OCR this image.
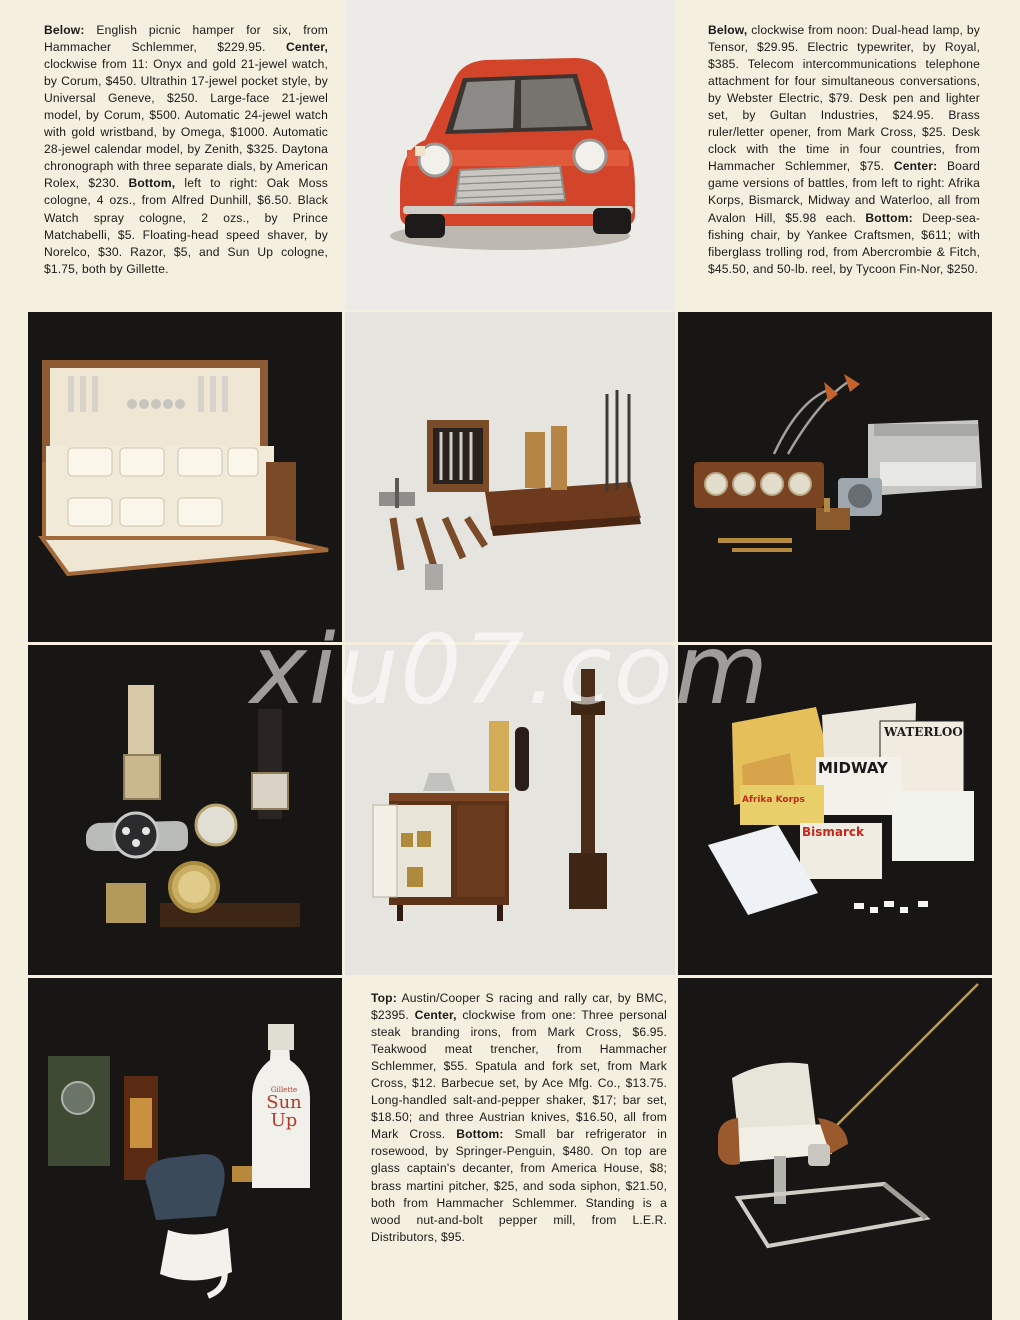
Below: English picnic hamper for six, from Hammacher Schlemmer, $229.95. Center, clockwise from 11: Onyx and gold 21-jewel watch, by Corum, $450. Ultrathin 17-jewel pocket style, by Universal Geneve, $250. Large-face 21-jewel model, by Corum, $500. Automatic 24-jewel watch with gold wristband, by Omega, $1000. Automatic 28-jewel calendar model, by Zenith, $325. Daytona chronograph with three separate dials, by American Rolex, $230. Bottom, left to right: Oak Moss cologne, 4 ozs., from Alfred Dunhill, $6.50. Black Watch spray cologne, 2 ozs., by Prince Matchabelli, $5. Floating-head speed shaver, by Norelco, $30. Razor, $5, and Sun Up cologne, $1.75, both by Gillette.

Below, clockwise from noon: Dual-head lamp, by Tensor, $29.95. Electric typewriter, by Royal, $385. Telecom intercommunications telephone attachment for four simultaneous conversations, by Webster Electric, $79. Desk pen and lighter set, by Gultan Industries, $24.95. Brass ruler/letter opener, from Mark Cross, $25. Desk clock with the time in four countries, from Hammacher Schlemmer, $75. Center: Board game versions of battles, from left to right: Afrika Korps, Bismarck, Midway and Waterloo, all from Avalon Hill, $5.98 each. Bottom: Deep-sea-fishing chair, by Yankee Craftsmen, $611; with fiberglass trolling rod, from Abercrombie & Fitch, $45.50, and 50-lb. reel, by Tycoon Fin-Nor, $250.

WATERLOO
MIDWAY
Afrika Korps
Bismarck
Gillette
Sun
Up

Top: Austin/Cooper S racing and rally car, by BMC, $2395. Center, clockwise from one: Three personal steak branding irons, from Mark Cross, $6.95. Teakwood meat trencher, from Hammacher Schlemmer, $55. Spatula and fork set, from Mark Cross, $12. Barbecue set, by Ace Mfg. Co., $13.75. Long-handled salt-and-pepper shaker, $17; bar set, $18.50; and three Austrian knives, $16.50, all from Mark Cross. Bottom: Small bar refrigerator in rosewood, by Springer-Penguin, $480. On top are glass captain's decanter, from America House, $8; brass martini pitcher, $25, and soda siphon, $21.50, both from Hammacher Schlemmer. Standing is a wood nut-and-bolt pepper mill, from L.E.R. Distributors, $95.

xiu07.com
